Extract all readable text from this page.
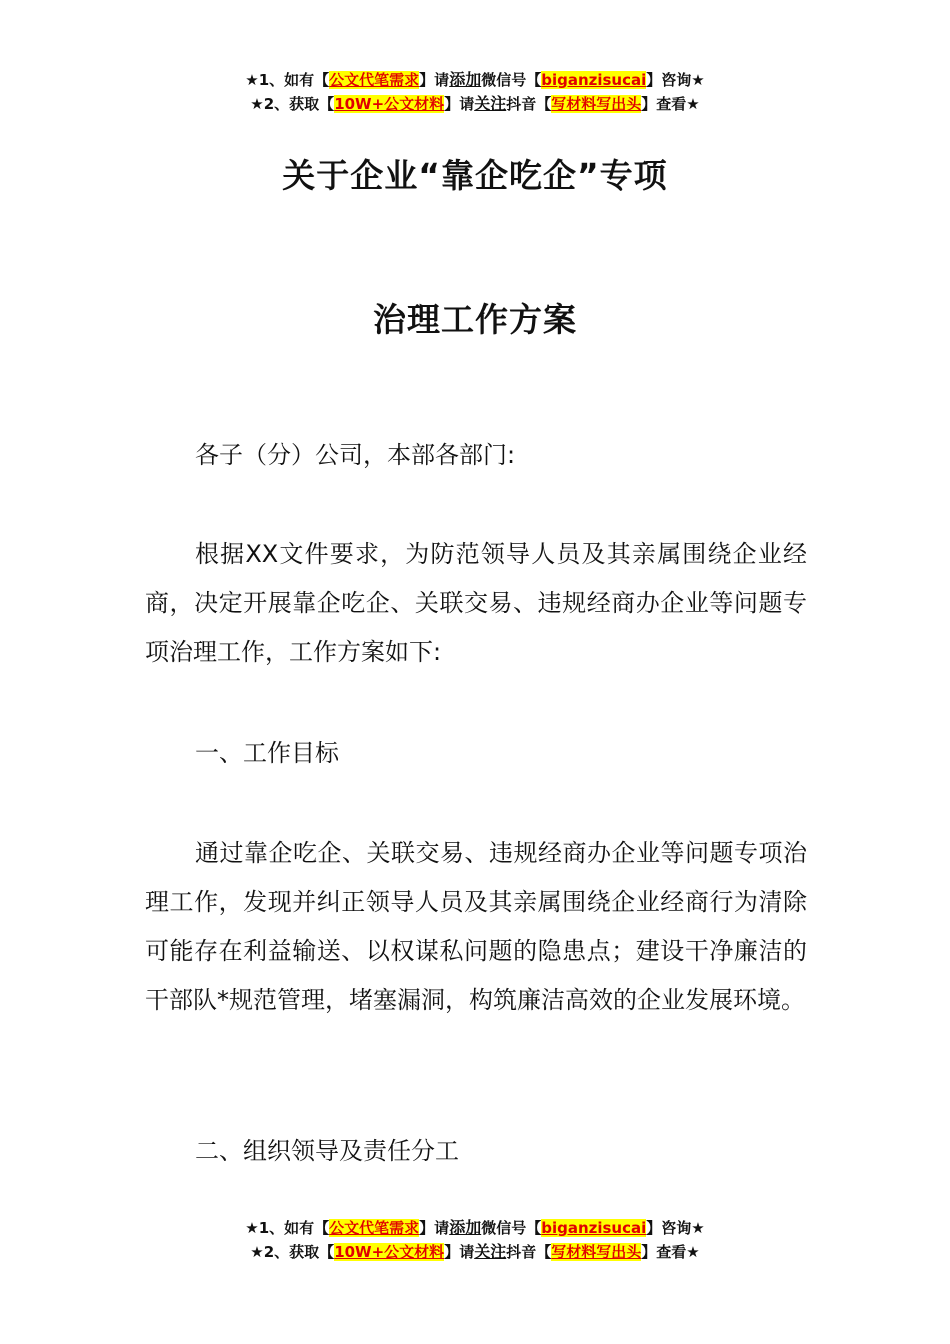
★1、如有【公文代笔需求】请添加微信号【biganzisucai】咨询★
★2、获取【10W+公文材料】请关注抖音【写材料写出头】查看★
关于企业“靠企吃企”专项
治理工作方案
各子（分）公司，本部各部门:
根据XX文件要求，为防范领导人员及其亲属围绕企业经商，决定开展靠企吃企、关联交易、违规经商办企业等问题专项治理工作，工作方案如下:
一、工作目标
通过靠企吃企、关联交易、违规经商办企业等问题专项治理工作，发现并纠正领导人员及其亲属围绕企业经商行为清除可能存在利益输送、以权谋私问题的隐患点；建设干净廉洁的干部队*规范管理，堵塞漏洞，构筑廉洁高效的企业发展环境。
二、组织领导及责任分工
★1、如有【公文代笔需求】请添加微信号【biganzisucai】咨询★
★2、获取【10W+公文材料】请关注抖音【写材料写出头】查看★
